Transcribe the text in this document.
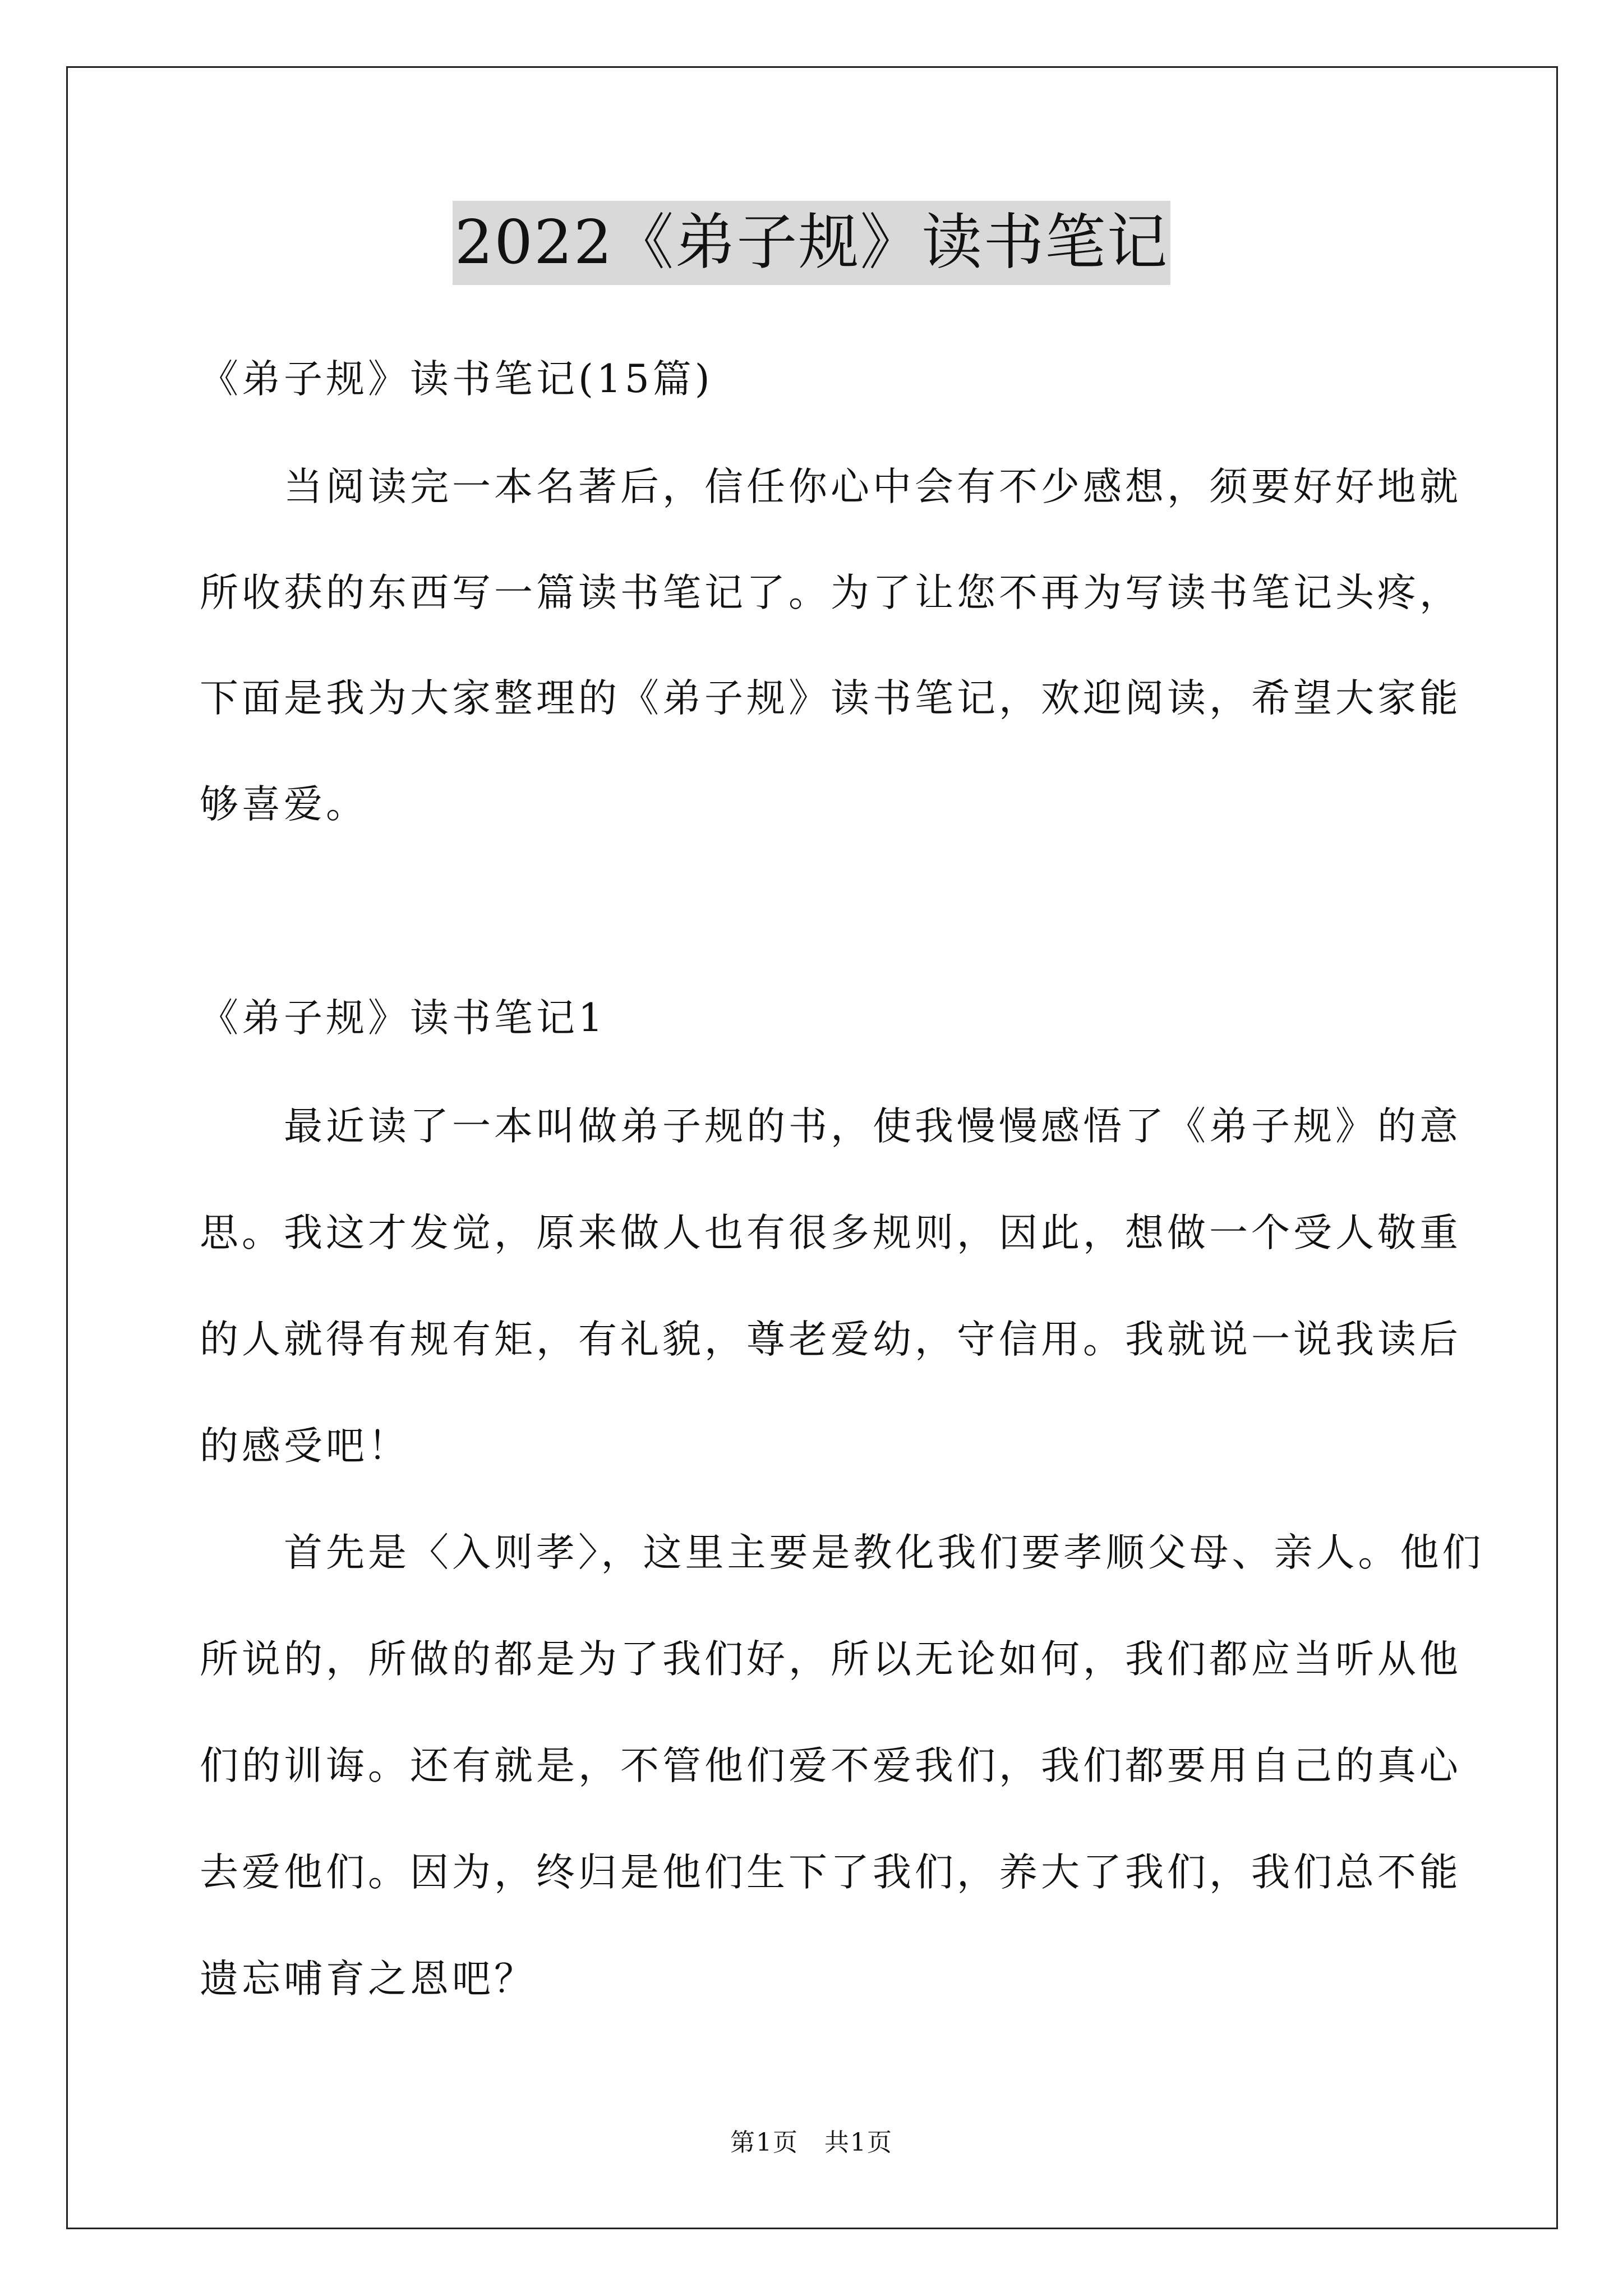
2022《弟子规》读书笔记
《弟子规》读书笔记(15篇)
　　当阅读完一本名著后，信任你心中会有不少感想，须要好好地就
所收获的东西写一篇读书笔记了。为了让您不再为写读书笔记头疼，
下面是我为大家整理的《弟子规》读书笔记，欢迎阅读，希望大家能
够喜爱。
《弟子规》读书笔记1
　　最近读了一本叫做弟子规的书，使我慢慢感悟了《弟子规》的意
思。我这才发觉，原来做人也有很多规则，因此，想做一个受人敬重
的人就得有规有矩，有礼貌，尊老爱幼，守信用。我就说一说我读后
的感受吧！
　　首先是〈入则孝〉，这里主要是教化我们要孝顺父母、亲人。他们
所说的，所做的都是为了我们好，所以无论如何，我们都应当听从他
们的训诲。还有就是，不管他们爱不爱我们，我们都要用自己的真心
去爱他们。因为，终归是他们生下了我们，养大了我们，我们总不能
遗忘哺育之恩吧？
第1页　共1页
